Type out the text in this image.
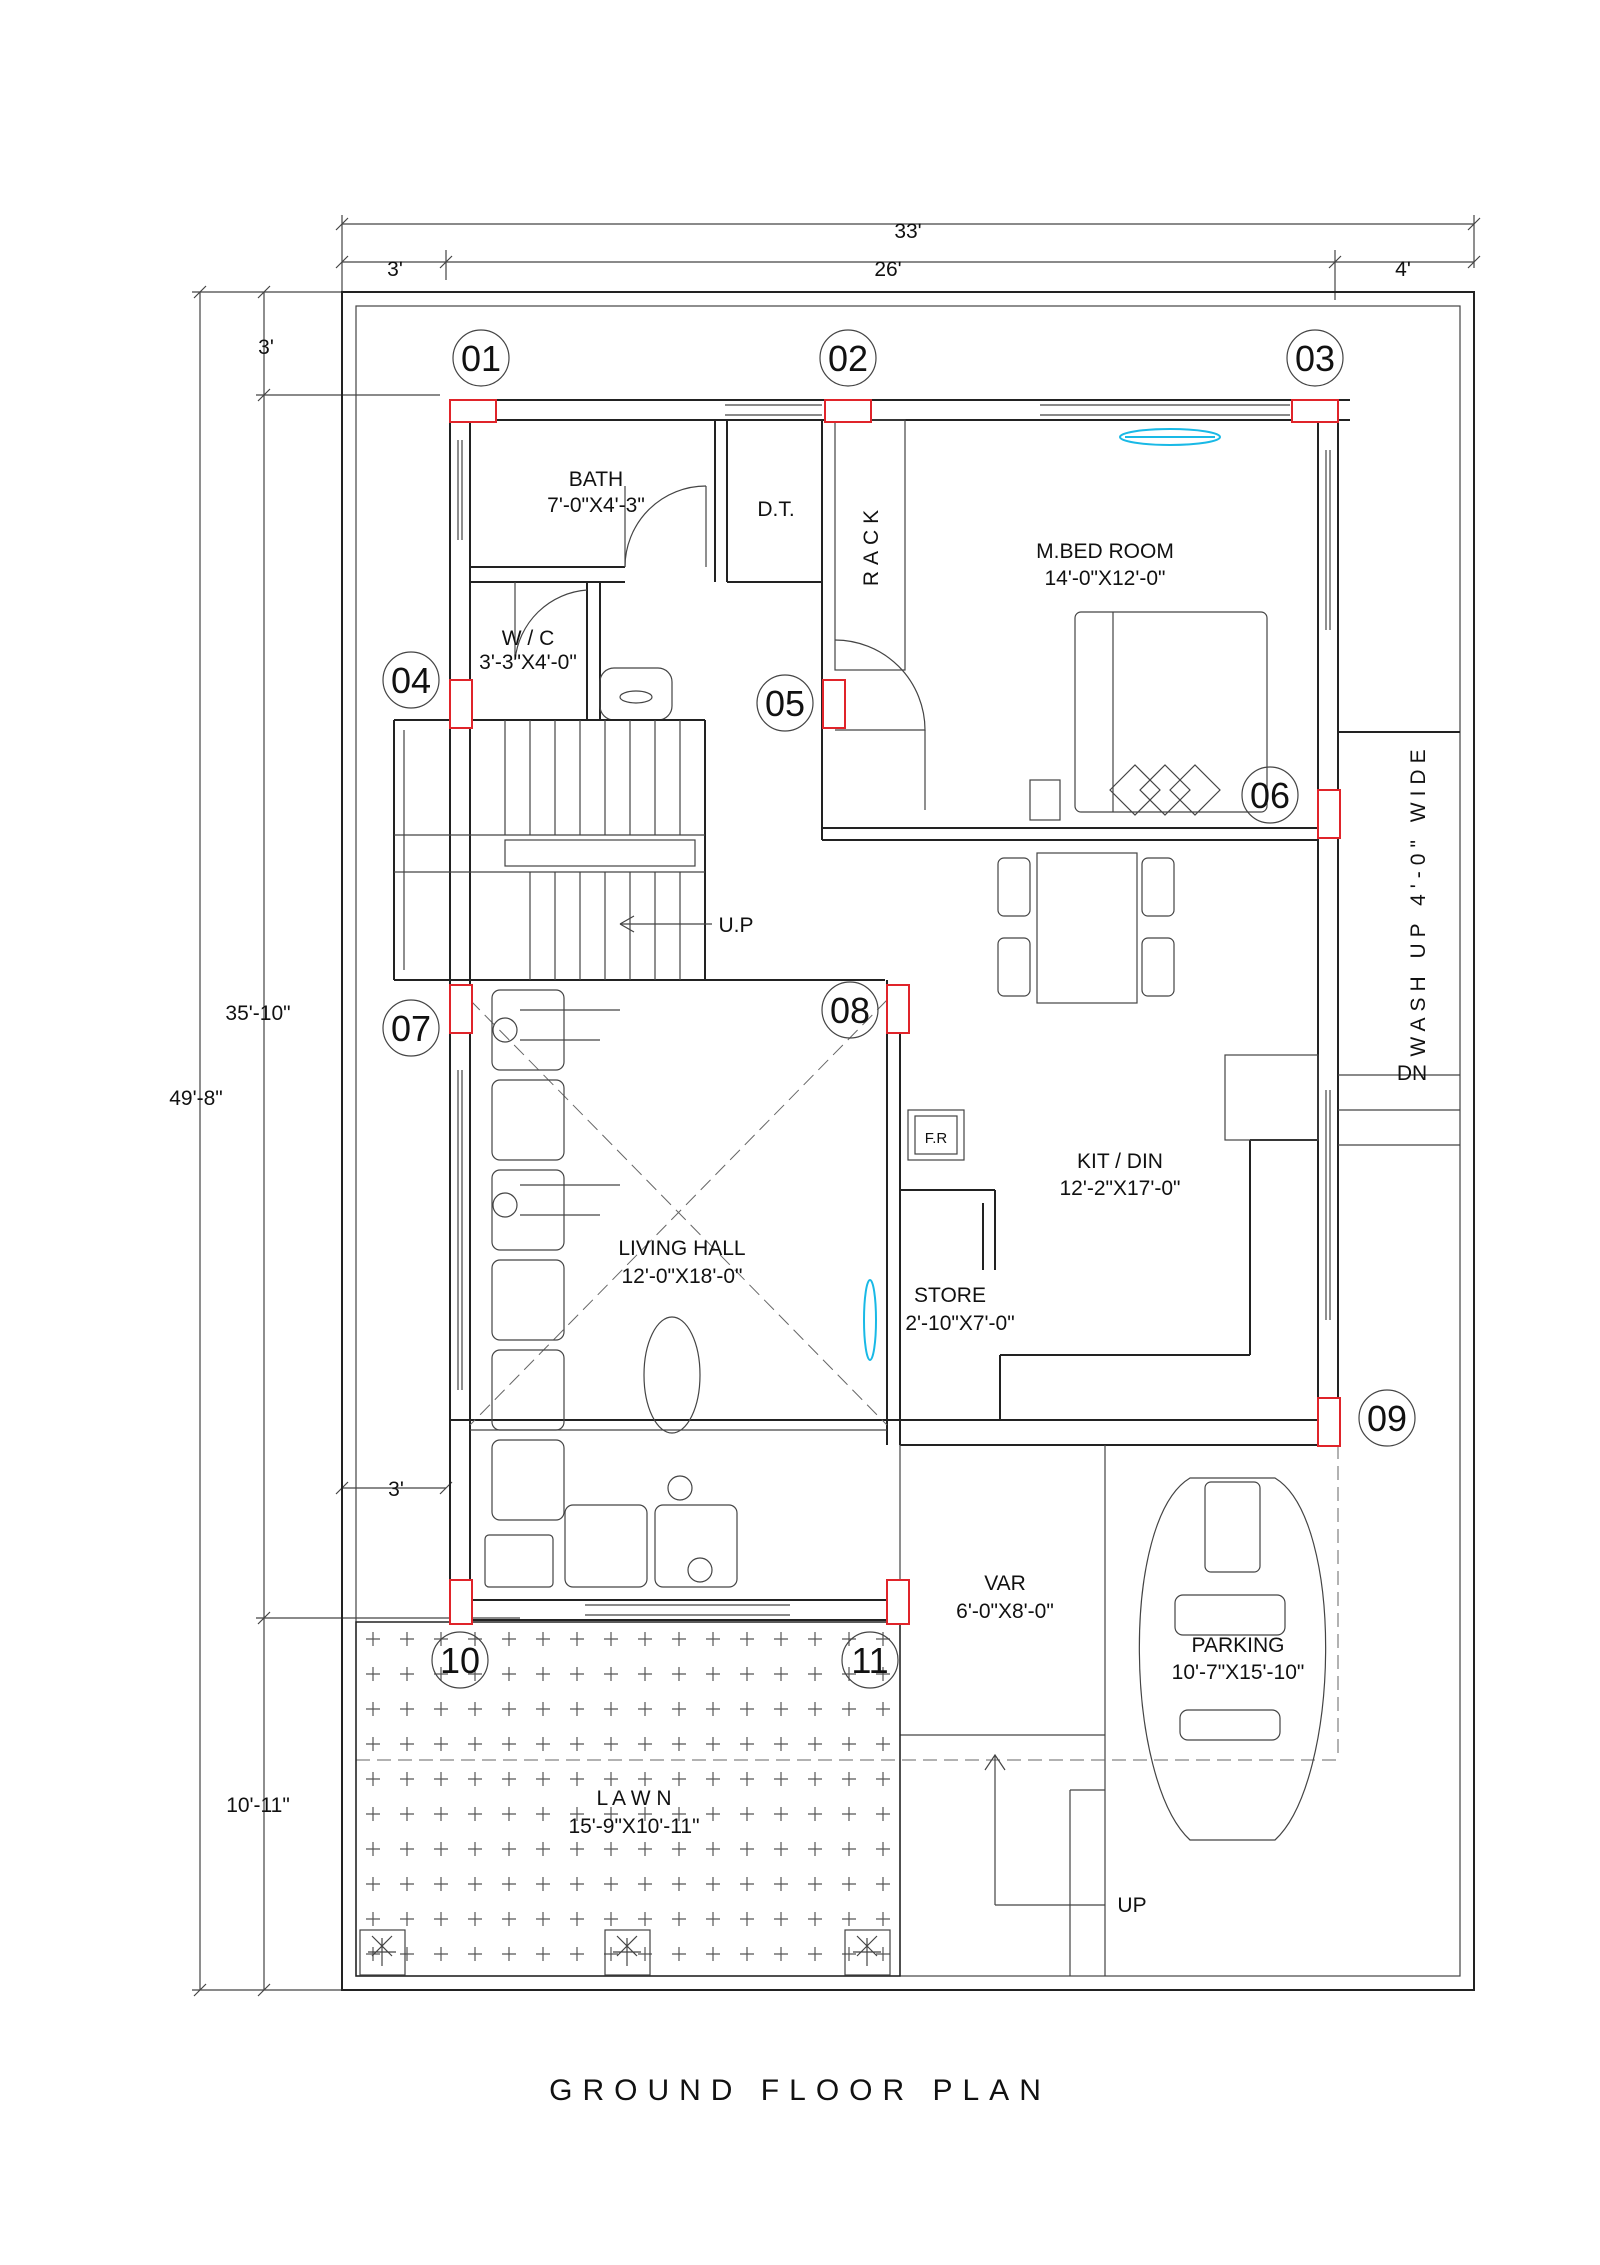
33'
3'	26'	4'
49'-8"
3'
35'-10"
10'-11"
3'
01	02	03
04
05
06
07	08
09
10	11
BATH
7'-0"X4'-3"	D.T.	RACK	M.BED ROOM
14'-0"X12'-0"
W / C
3'-3"X4'-0"
WASH UP 4'-0" WIDE
U.P
DN
LIVING HALL
12'-0"X18'-0"
F.R
KIT / DIN
12'-2"X17'-0"
STORE
2'-10"X7'-0"
VAR
6'-0"X8'-0"
PARKING
10'-7"X15'-10"
L A W N
15'-9"X10'-11"
UP
GROUND FLOOR PLAN
